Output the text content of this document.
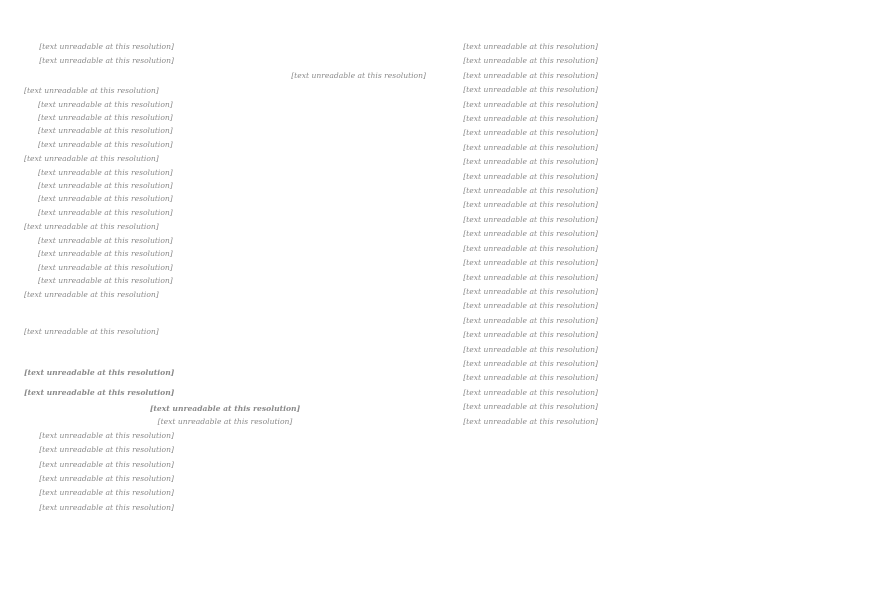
[text unreadable at this resolution]

[text unreadable at this resolution]

[text unreadable at this resolution]

[text unreadable at this resolution]

[text unreadable at this resolution]

[text unreadable at this resolution]

[text unreadable at this resolution]

[text unreadable at this resolution]

[text unreadable at this resolution]

[text unreadable at this resolution]

[text unreadable at this resolution]

[text unreadable at this resolution]

[text unreadable at this resolution]

[text unreadable at this resolution]

[text unreadable at this resolution]

[text unreadable at this resolution]

[text unreadable at this resolution]

[text unreadable at this resolution]

[text unreadable at this resolution]

[text unreadable at this resolution]

[text unreadable at this resolution]

[text unreadable at this resolution]

[text unreadable at this resolution]

[text unreadable at this resolution]

[text unreadable at this resolution]

[text unreadable at this resolution]

[text unreadable at this resolution]

[text unreadable at this resolution]

[text unreadable at this resolution]

[text unreadable at this resolution]

[text unreadable at this resolution]

[text unreadable at this resolution]

[text unreadable at this resolution]

[text unreadable at this resolution]

[text unreadable at this resolution]

[text unreadable at this resolution]

[text unreadable at this resolution]

[text unreadable at this resolution]

[text unreadable at this resolution]

[text unreadable at this resolution]

[text unreadable at this resolution]

[text unreadable at this resolution]

[text unreadable at this resolution]

[text unreadable at this resolution]

[text unreadable at this resolution]

[text unreadable at this resolution]

[text unreadable at this resolution]

[text unreadable at this resolution]

[text unreadable at this resolution]

[text unreadable at this resolution]

[text unreadable at this resolution]

[text unreadable at this resolution]

[text unreadable at this resolution]

[text unreadable at this resolution]

[text unreadable at this resolution]

[text unreadable at this resolution]

[text unreadable at this resolution]
